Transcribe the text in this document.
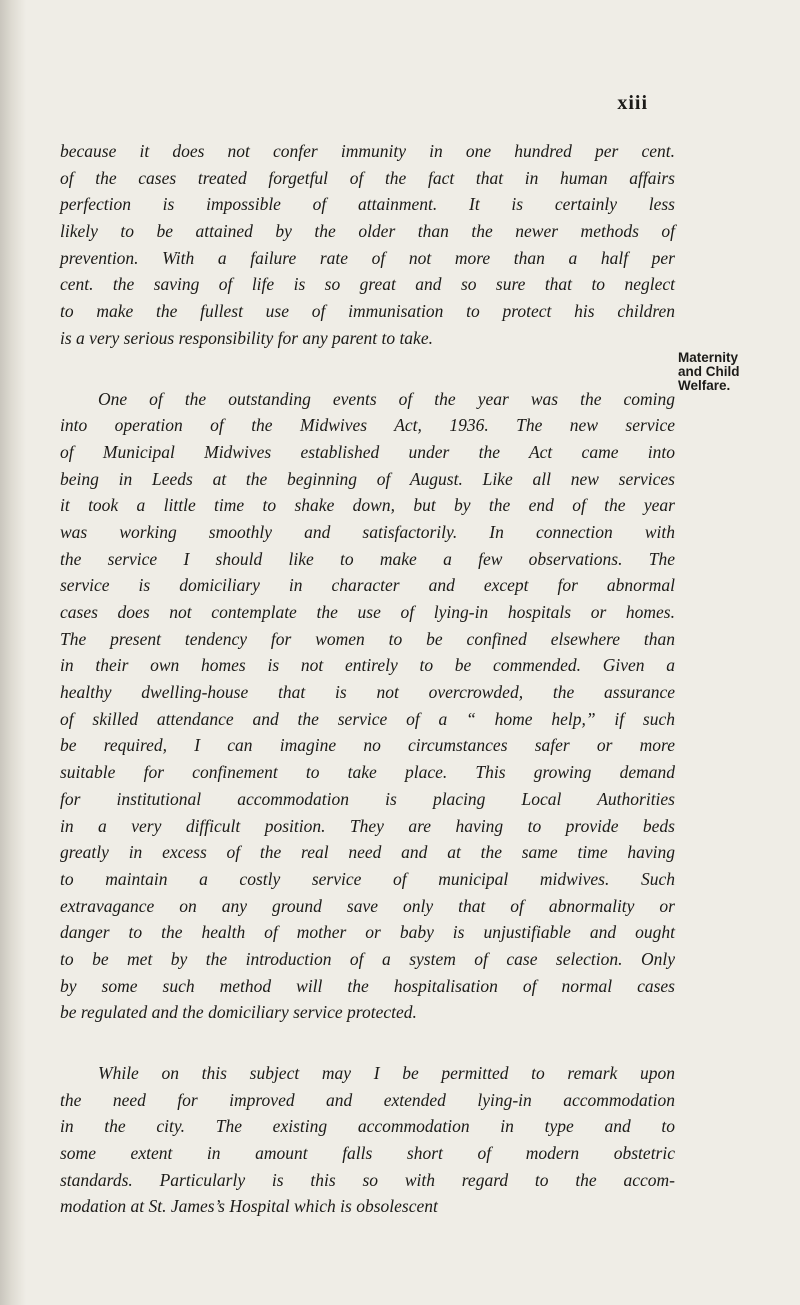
xiii
because it does not confer immunity in one hundred per cent.
of the cases treated forgetful of the fact that in human affairs
perfection is impossible of attainment. It is certainly less
likely to be attained by the older than the newer methods of
prevention. With a failure rate of not more than a half per
cent. the saving of life is so great and so sure that to neglect
to make the fullest use of immunisation to protect his children
is a very serious responsibility for any parent to take.
One of the outstanding events of the year was the coming
into operation of the Midwives Act, 1936. The new service
of Municipal Midwives established under the Act came into
being in Leeds at the beginning of August. Like all new services
it took a little time to shake down, but by the end of the year
was working smoothly and satisfactorily. In connection with
the service I should like to make a few observations. The
service is domiciliary in character and except for abnormal
cases does not contemplate the use of lying-in hospitals or homes.
The present tendency for women to be confined elsewhere than
in their own homes is not entirely to be commended. Given a
healthy dwelling-house that is not overcrowded, the assurance
of skilled attendance and the service of a “ home help,” if such
be required, I can imagine no circumstances safer or more
suitable for confinement to take place. This growing demand
for institutional accommodation is placing Local Authorities
in a very difficult position. They are having to provide beds
greatly in excess of the real need and at the same time having
to maintain a costly service of municipal midwives. Such
extravagance on any ground save only that of abnormality or
danger to the health of mother or baby is unjustifiable and ought
to be met by the introduction of a system of case selection. Only
by some such method will the hospitalisation of normal cases
be regulated and the domiciliary service protected.
While on this subject may I be permitted to remark upon
the need for improved and extended lying-in accommodation
in the city. The existing accommodation in type and to
some extent in amount falls short of modern obstetric
standards. Particularly is this so with regard to the accom-
modation at St. James’s Hospital which is obsolescent
Maternity
and Child
Welfare.
